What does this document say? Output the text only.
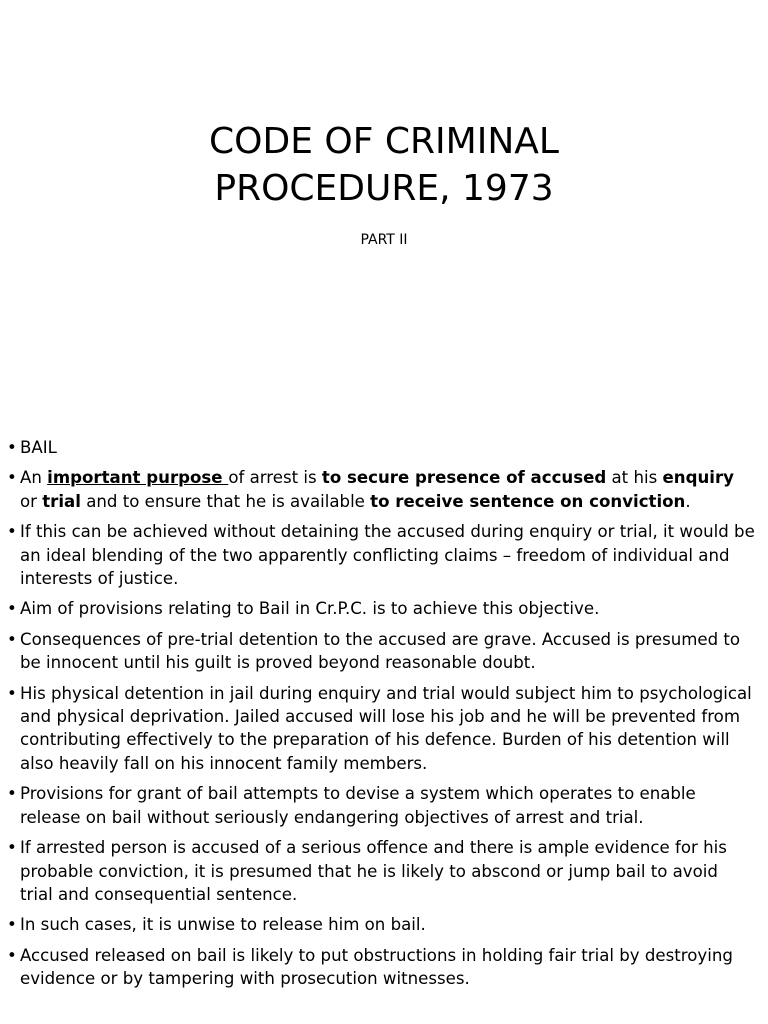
CODE OF CRIMINAL
PROCEDURE, 1973
PART II
• BAIL
• An important purpose of arrest is to secure presence of accused at his enquiry or trial and to ensure that he is available to receive sentence on conviction.
• If this can be achieved without detaining the accused during enquiry or trial, it would be an ideal blending of the two apparently conflicting claims – freedom of individual and interests of justice.
• Aim of provisions relating to Bail in Cr.P.C. is to achieve this objective.
• Consequences of pre-trial detention to the accused are grave. Accused is presumed to be innocent until his guilt is proved beyond reasonable doubt.
• His physical detention in jail during enquiry and trial would subject him to psychological and physical deprivation. Jailed accused will lose his job and he will be prevented from contributing effectively to the preparation of his defence. Burden of his detention will also heavily fall on his innocent family members.
• Provisions for grant of bail attempts to devise a system which operates to enable release on bail without seriously endangering objectives of arrest and trial.
• If arrested person is accused of a serious offence and there is ample evidence for his probable conviction, it is presumed that he is likely to abscond or jump bail to avoid trial and consequential sentence.
• In such cases, it is unwise to release him on bail.
• Accused released on bail is likely to put obstructions in holding fair trial by destroying evidence or by tampering with prosecution witnesses.
